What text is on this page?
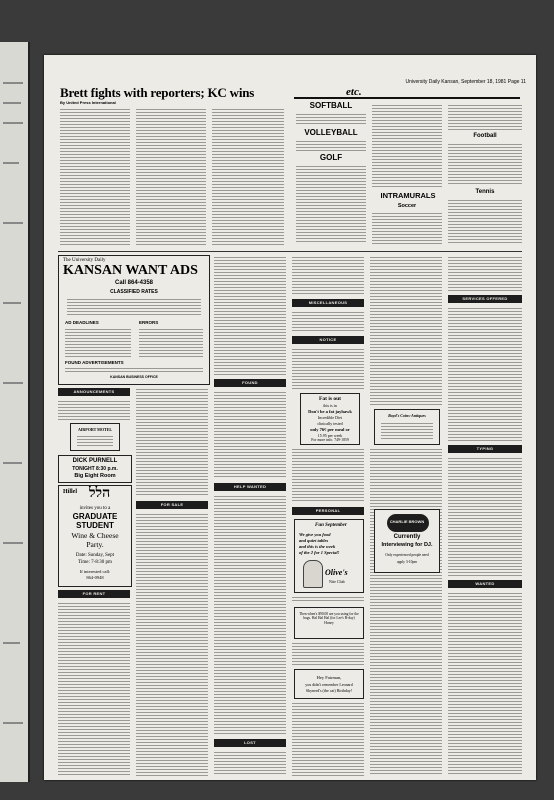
University Daily Kansan, September 18, 1981 Page 11
Brett fights with reporters; KC wins
By United Press International
etc.
SOFTBALL
VOLLEYBALL
GOLF
INTRAMURALS
Soccer
Football
Tennis
The University Daily
KANSAN WANT ADS
Call 864-4358
CLASSIFIED RATES
AD DEADLINES	ERRORS
FOUND ADVERTISEMENTS
KANSAN BUSINESS OFFICE
ANNOUNCEMENTS
AIRPORT MOTEL
DICK PURNELL
TONIGHT 8:30 p.m.
Big Eight Room
Hillel הלל
invites you to a
GRADUATE
STUDENT
Wine & Cheese
Party.
Date: Sunday, Sept
Time: 7-8:30 pm
If interested call:
864-0948
FOR RENT
FOR SALE
FOUND
HELP WANTED
LOST
MISCELLANEOUS
NOTICE
Fat is out
this is in
Don't be a fat jayhawk
Incredible Diet
clinically tested
only 76¢ per meal or
15.95 per week
For more info. 749-1859
PERSONAL
Fun September
We give you food
and quiet tables
and this is the week
of the 2 for 1 Special!
Olive's
Nite Club
Then when's $90.00 are you using for the bugs. Hal Hal Hal (for Lee's B-day) Honey
Hey Fairman,
you didn't remember Leonard
Skynerd's (the cat) Birthday!
Boyd's Coins-Antiques
SERVICES OFFERED
TYPING
WANTED
CHARLIE BROWN
Currently
Interviewing for DJ.
Only experienced people need
apply 3-10pm
